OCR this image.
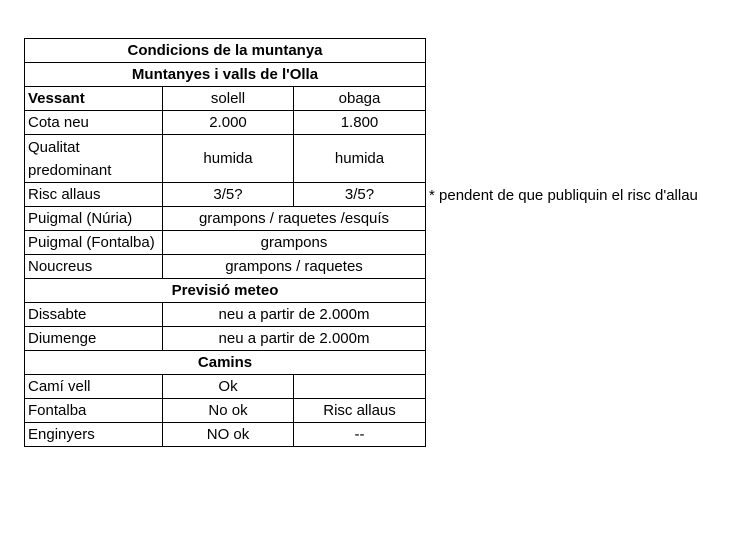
Condicions de la muntanya		
Muntanyes i valls de l'Olla		
Vessant	solell	obaga
Cota neu	2.000	1.800
Qualitat
predominant	humida	humida
Risc allaus	3/5?	3/5?
Puigmal (Núria)	grampons / raquetes /esquís	
Puigmal (Fontalba)	grampons	
Noucreus	grampons / raquetes	
Previsió meteo		
Dissabte	neu a partir de 2.000m	
Diumenge	neu a partir de 2.000m	
Camins		
Camí vell	Ok	
Fontalba	No ok	Risc allaus
Enginyers	NO ok	--
* pendent de que publiquin el risc d'allau
